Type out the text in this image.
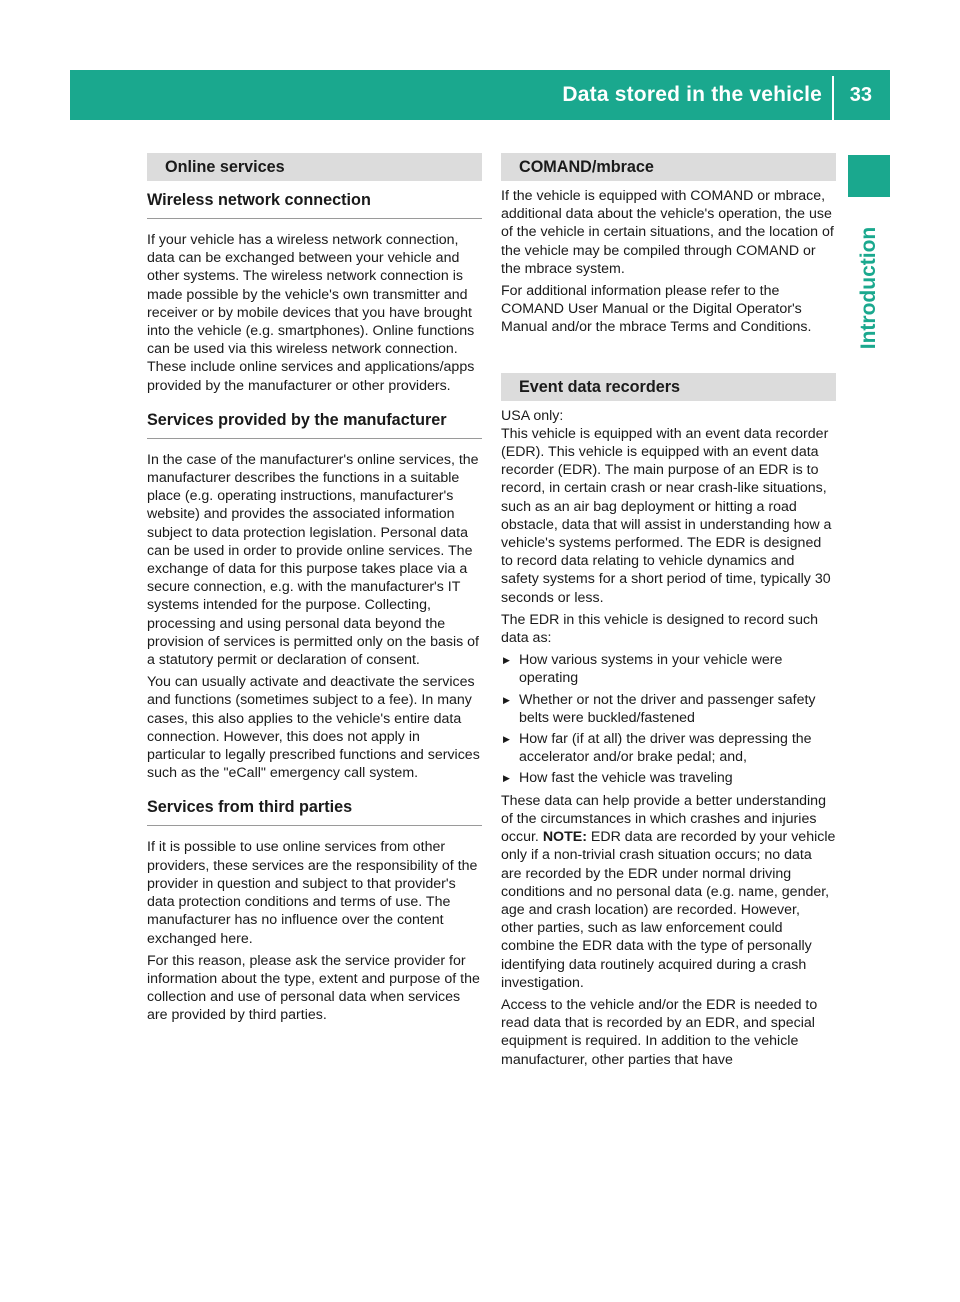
Data stored in the vehicle 33
Introduction
Online services
Wireless network connection

If your vehicle has a wireless network connection, data can be exchanged between your vehicle and other systems. The wireless network connection is made possible by the vehicle's own transmitter and receiver or by mobile devices that you have brought into the vehicle (e.g. smartphones). Online functions can be used via this wireless network connection. These include online services and applications/apps provided by the manufacturer or other providers.

Services provided by the manufacturer

In the case of the manufacturer's online services, the manufacturer describes the functions in a suitable place (e.g. operating instructions, manufacturer's website) and provides the associated information subject to data protection legislation. Personal data can be used in order to provide online services. The exchange of data for this purpose takes place via a secure connection, e.g. with the manufacturer's IT systems intended for the purpose. Collecting, processing and using personal data beyond the provision of services is permitted only on the basis of a statutory permit or declaration of consent.

You can usually activate and deactivate the services and functions (sometimes subject to a fee). In many cases, this also applies to the vehicle's entire data connection. However, this does not apply in particular to legally prescribed functions and services such as the "eCall" emergency call system.

Services from third parties

If it is possible to use online services from other providers, these services are the responsibility of the provider in question and subject to that provider's data protection conditions and terms of use. The manufacturer has no influence over the content exchanged here.

For this reason, please ask the service provider for information about the type, extent and purpose of the collection and use of personal data when services are provided by third parties.

COMAND/mbrace

If the vehicle is equipped with COMAND or mbrace, additional data about the vehicle's operation, the use of the vehicle in certain situations, and the location of the vehicle may be compiled through COMAND or the mbrace system.

For additional information please refer to the COMAND User Manual or the Digital Operator's Manual and/or the mbrace Terms and Conditions.

Event data recorders

USA only:

This vehicle is equipped with an event data recorder (EDR). This vehicle is equipped with an event data recorder (EDR). The main purpose of an EDR is to record, in certain crash or near crash-like situations, such as an air bag deployment or hitting a road obstacle, data that will assist in understanding how a vehicle's systems performed. The EDR is designed to record data relating to vehicle dynamics and safety systems for a short period of time, typically 30 seconds or less.

The EDR in this vehicle is designed to record such data as:

▶ How various systems in your vehicle were operating
▶ Whether or not the driver and passenger safety belts were buckled/fastened
▶ How far (if at all) the driver was depressing the accelerator and/or brake pedal; and,
▶ How fast the vehicle was traveling

These data can help provide a better understanding of the circumstances in which crashes and injuries occur. NOTE: EDR data are recorded by your vehicle only if a non-trivial crash situation occurs; no data are recorded by the EDR under normal driving conditions and no personal data (e.g. name, gender, age and crash location) are recorded. However, other parties, such as law enforcement could combine the EDR data with the type of personally identifying data routinely acquired during a crash investigation.

Access to the vehicle and/or the EDR is needed to read data that is recorded by an EDR, and special equipment is required. In addition to the vehicle manufacturer, other parties that have
